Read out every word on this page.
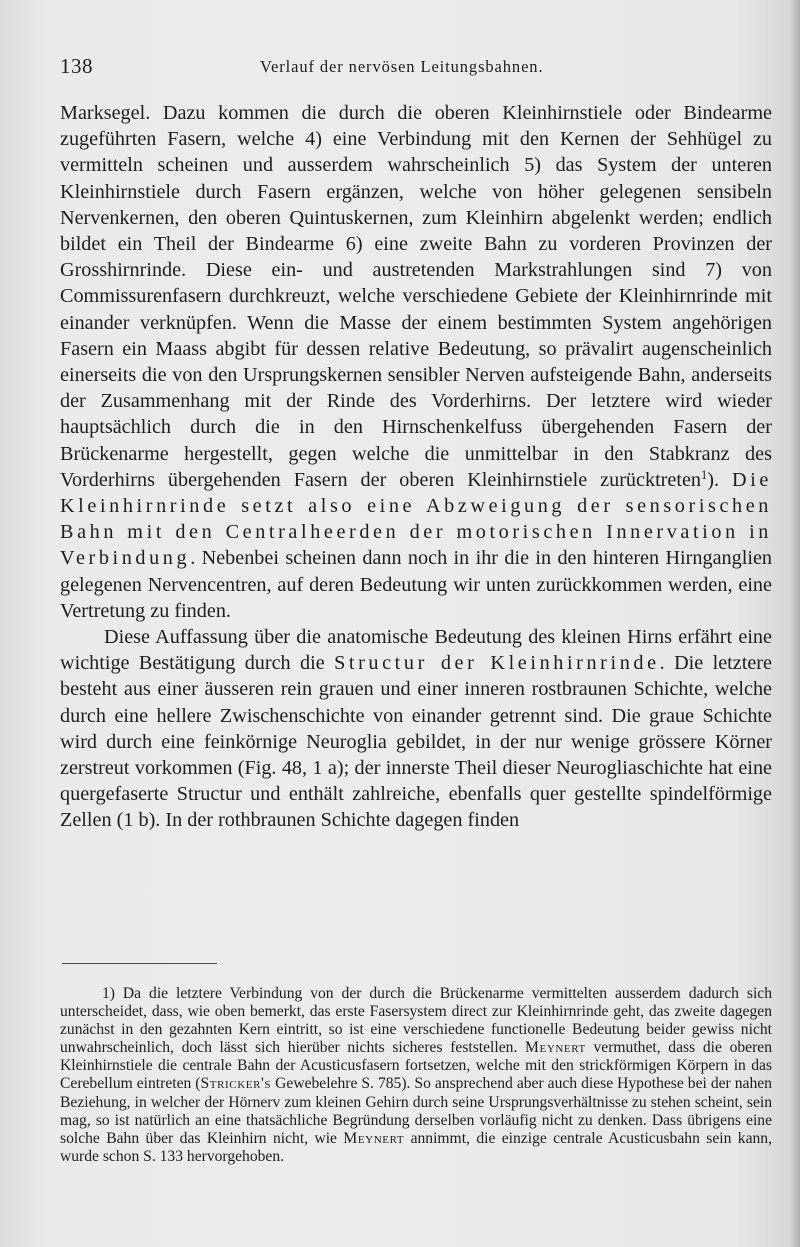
138	Verlauf der nervösen Leitungsbahnen.

Marksegel. Dazu kommen die durch die oberen Kleinhirnstiele oder Bindearme zugeführten Fasern, welche 4) eine Verbindung mit den Kernen der Sehhügel zu vermitteln scheinen und ausserdem wahrscheinlich 5) das System der unteren Kleinhirnstiele durch Fasern ergänzen, welche von höher gelegenen sensibeln Nervenkernen, den oberen Quintuskernen, zum Kleinhirn abgelenkt werden; endlich bildet ein Theil der Bindearme 6) eine zweite Bahn zu vorderen Provinzen der Grosshirnrinde. Diese ein- und austretenden Markstrahlungen sind 7) von Commissurenfasern durchkreuzt, welche verschiedene Gebiete der Kleinhirnrinde mit einander verknüpfen. Wenn die Masse der einem bestimmten System angehörigen Fasern ein Maass abgibt für dessen relative Bedeutung, so prävalirt augenscheinlich einerseits die von den Ursprungskernen sensibler Nerven aufsteigende Bahn, anderseits der Zusammenhang mit der Rinde des Vorderhirns. Der letztere wird wieder hauptsächlich durch die in den Hirnschenkelfuss übergehenden Fasern der Brückenarme hergestellt, gegen welche die unmittelbar in den Stabkranz des Vorderhirns übergehenden Fasern der oberen Kleinhirnstiele zurücktreten$^1$). Die Kleinhirnrinde setzt also eine Abzweigung der sensorischen Bahn mit den Centralheerden der motorischen Innervation in Verbindung. Nebenbei scheinen dann noch in ihr die in den hinteren Hirnganglien gelegenen Nervencentren, auf deren Bedeutung wir unten zurückkommen werden, eine Vertretung zu finden.

Diese Auffassung über die anatomische Bedeutung des kleinen Hirns erfährt eine wichtige Bestätigung durch die Structur der Kleinhirnrinde. Die letztere besteht aus einer äusseren rein grauen und einer inneren rostbraunen Schichte, welche durch eine hellere Zwischenschichte von einander getrennt sind. Die graue Schichte wird durch eine feinkörnige Neuroglia gebildet, in der nur wenige grössere Körner zerstreut vorkommen (Fig. 48, 1 a); der innerste Theil dieser Neurogliaschichte hat eine quergefaserte Structur und enthält zahlreiche, ebenfalls quer gestellte spindelförmige Zellen (1 b). In der rothbraunen Schichte dagegen finden

1) Da die letztere Verbindung von der durch die Brückenarme vermittelten ausserdem dadurch sich unterscheidet, dass, wie oben bemerkt, das erste Fasersystem direct zur Kleinhirnrinde geht, das zweite dagegen zunächst in den gezahnten Kern eintritt, so ist eine verschiedene functionelle Bedeutung beider gewiss nicht unwahrscheinlich, doch lässt sich hierüber nichts sicheres feststellen. Meynert vermuthet, dass die oberen Kleinhirnstiele die centrale Bahn der Acusticusfasern fortsetzen, welche mit den strickförmigen Körpern in das Cerebellum eintreten (Stricker's Gewebelehre S. 785). So ansprechend aber auch diese Hypothese bei der nahen Beziehung, in welcher der Hörnerv zum kleinen Gehirn durch seine Ursprungsverhältnisse zu stehen scheint, sein mag, so ist natürlich an eine thatsächliche Begründung derselben vorläufig nicht zu denken. Dass übrigens eine solche Bahn über das Kleinhirn nicht, wie Meynert annimmt, die einzige centrale Acusticusbahn sein kann, wurde schon S. 133 hervorgehoben.
